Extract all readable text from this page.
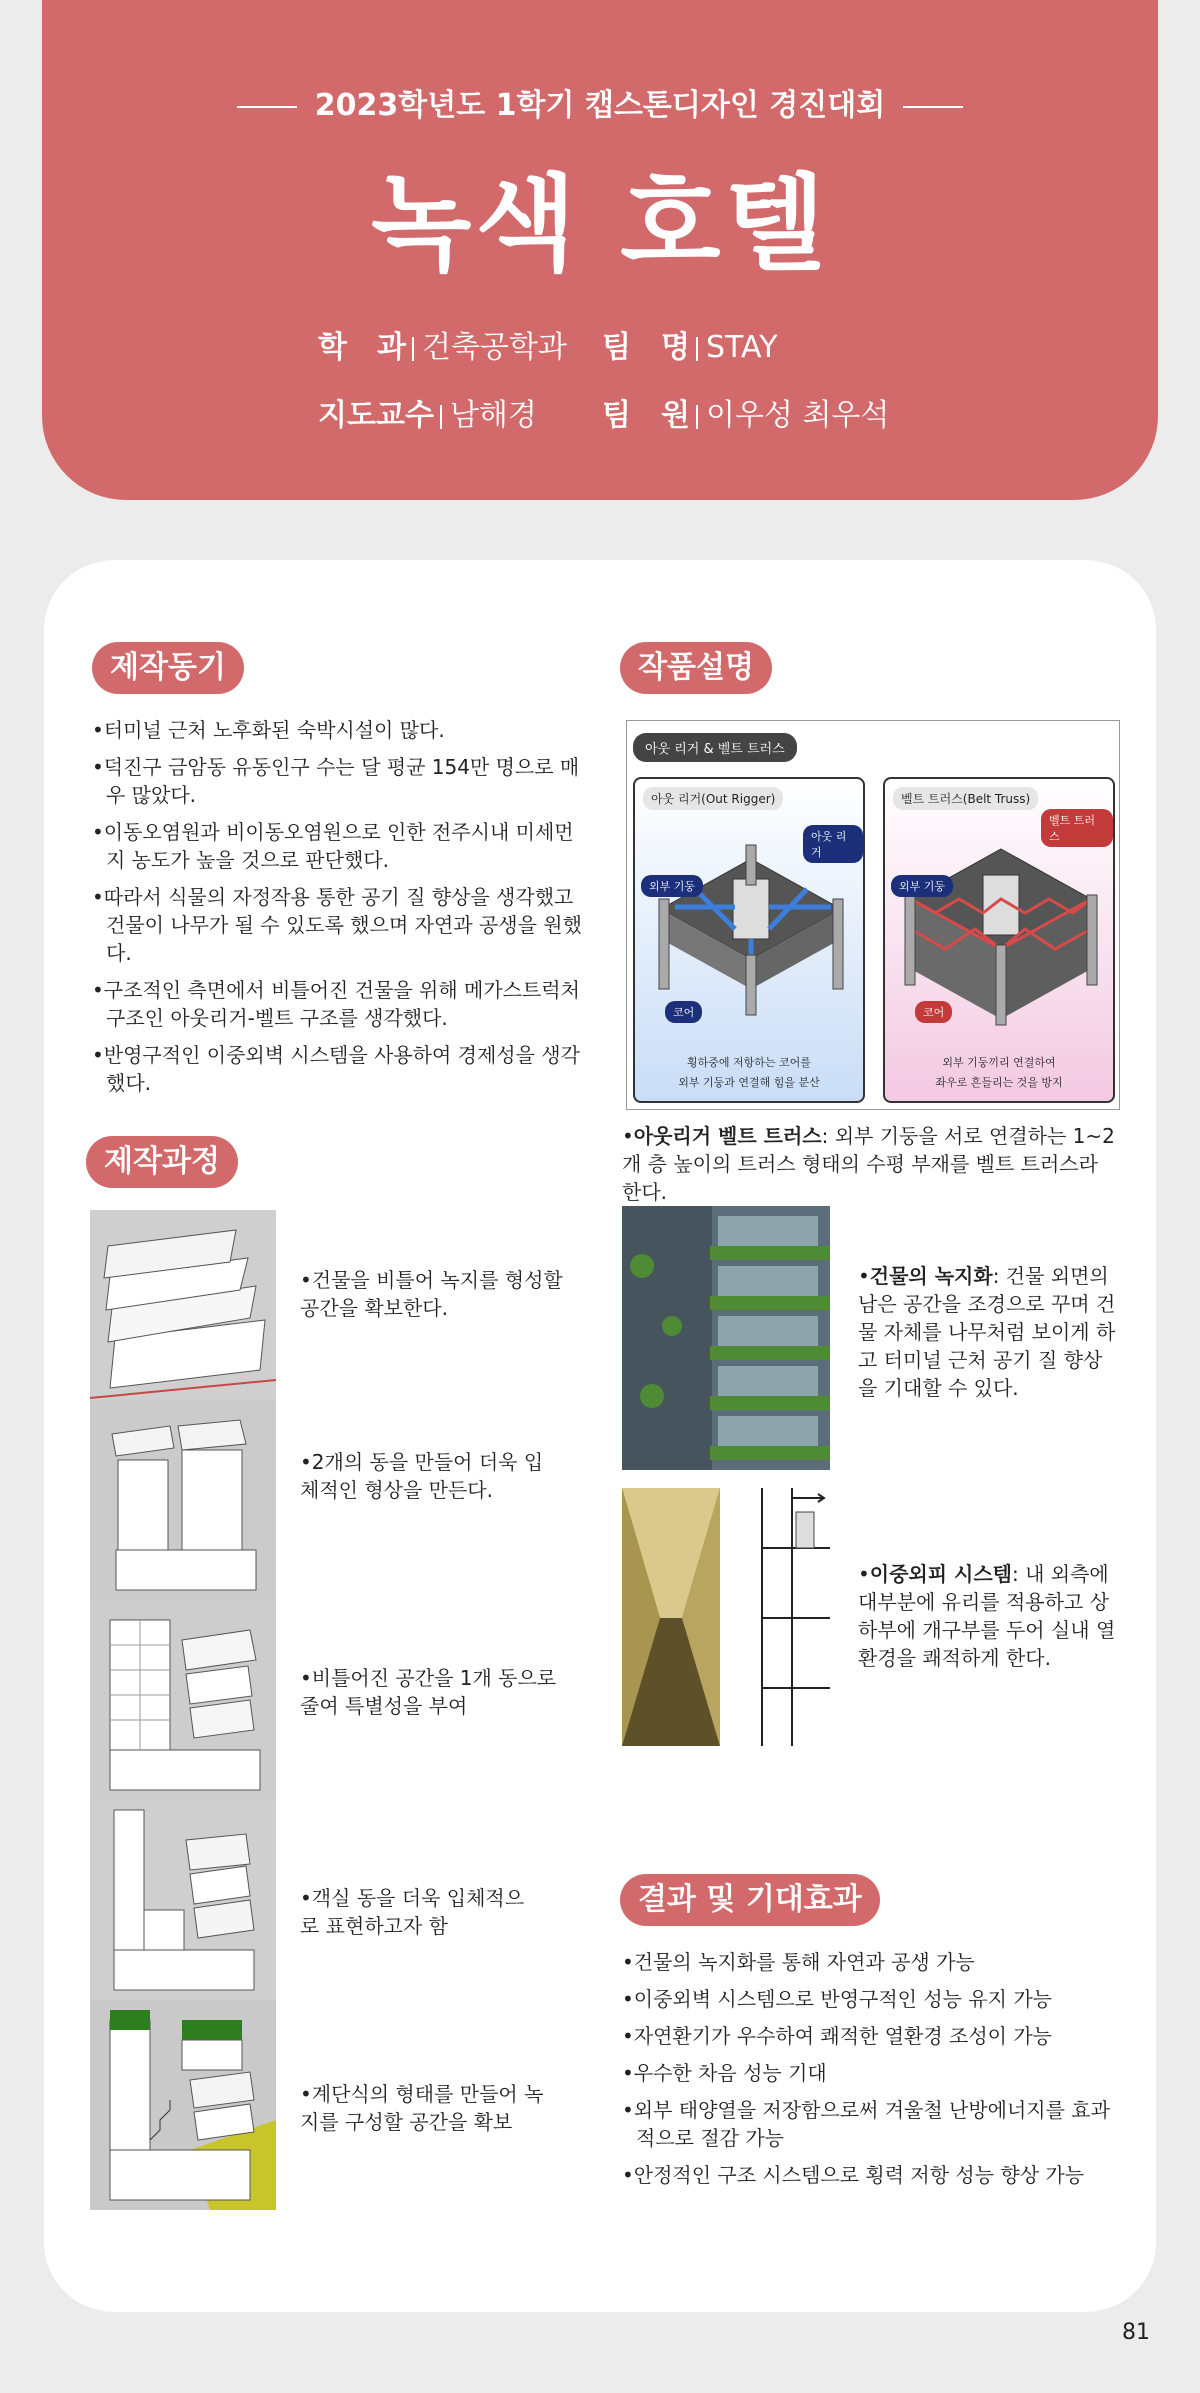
2023학년도 1학기 캡스톤디자인 경진대회
녹색 호텔
학　과 건축공학과 팀　명 STAY
지도교수 남해경 팀　원 이우성 최우석
제작동기
• 터미널 근처 노후화된 숙박시설이 많다.
• 덕진구 금암동 유동인구 수는 달 평균 154만 명으로 매우 많았다.
• 이동오염원과 비이동오염원으로 인한 전주시내 미세먼지 농도가 높을 것으로 판단했다.
• 따라서 식물의 자정작용 통한 공기 질 향상을 생각했고 건물이 나무가 될 수 있도록 했으며 자연과 공생을 원했다.
• 구조적인 측면에서 비틀어진 건물을 위해 메가스트럭처 구조인 아웃리거-벨트 구조를 생각했다.
• 반영구적인 이중외벽 시스템을 사용하여 경제성을 생각했다.
제작과정
• 건물을 비틀어 녹지를 형성할 공간을 확보한다.
• 2개의 동을 만들어 더욱 입체적인 형상을 만든다.
• 비틀어진 공간을 1개 동으로 줄여 특별성을 부여
• 객실 동을 더욱 입체적으로 표현하고자 함
• 계단식의 형태를 만들어 녹지를 구성할 공간을 확보
작품설명
아웃 리거 & 벨트 트러스
아웃 리거(Out Rigger)
아웃 리거
외부 기둥
코어
횡하중에 저항하는 코어를
외부 기둥과 연결해 힘을 분산
벨트 트러스(Belt Truss)
벨트 트러스
외부 기둥
코어
외부 기둥끼리 연결하여
좌우로 흔들리는 것을 방지
•아웃리거 벨트 트러스: 외부 기둥을 서로 연결하는 1~2개 층 높이의 트러스 형태의 수평 부재를 벨트 트러스라 한다.
•건물의 녹지화: 건물 외면의 남은 공간을 조경으로 꾸며 건물 자체를 나무처럼 보이게 하고 터미널 근처 공기 질 향상을 기대할 수 있다.
•이중외피 시스템: 내 외측에 대부분에 유리를 적용하고 상하부에 개구부를 두어 실내 열환경을 쾌적하게 한다.
결과 및 기대효과
• 건물의 녹지화를 통해 자연과 공생 가능
• 이중외벽 시스템으로 반영구적인 성능 유지 가능
• 자연환기가 우수하여 쾌적한 열환경 조성이 가능
• 우수한 차음 성능 기대
• 외부 태양열을 저장함으로써 겨울철 난방에너지를 효과적으로 절감 가능
• 안정적인 구조 시스템으로 횡력 저항 성능 향상 가능
81
